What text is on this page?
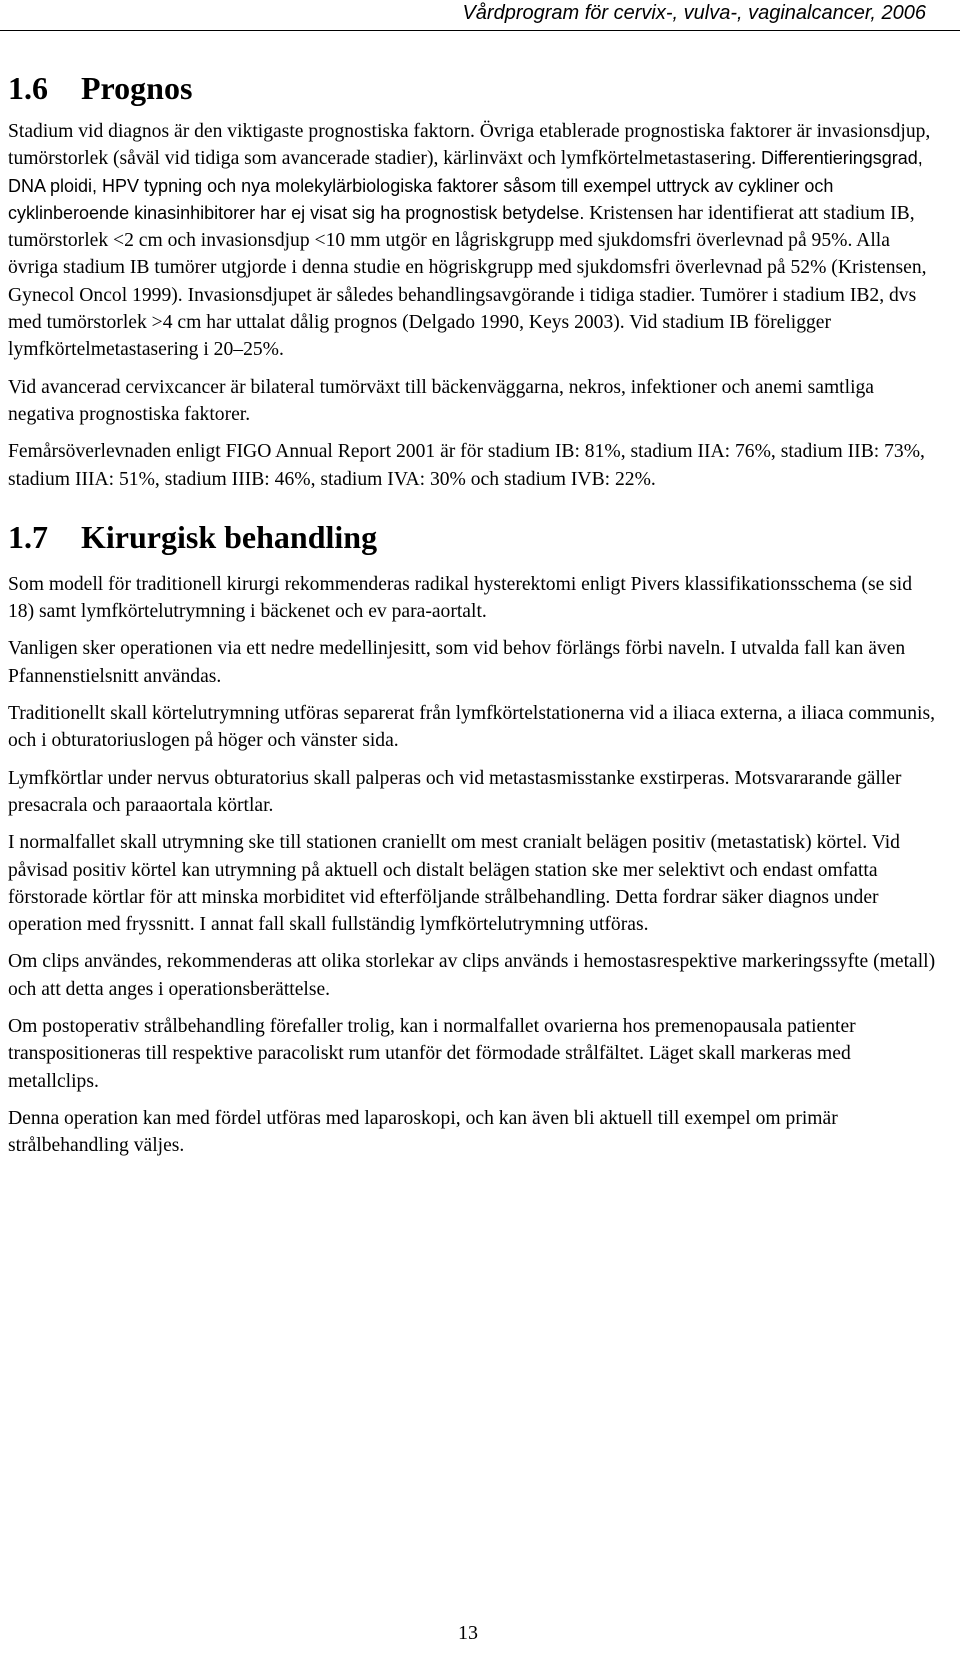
Vårdprogram för cervix-, vulva-, vaginalcancer, 2006
1.6	Prognos

Stadium vid diagnos är den viktigaste prognostiska faktorn. Övriga etablerade prognostiska faktorer är invasionsdjup, tumörstorlek (såväl vid tidiga som avancerade stadier), kärlinväxt och lymfkörtelmetastasering. Differentieringsgrad, DNA ploidi, HPV typning och nya molekylärbiologiska faktorer såsom till exempel uttryck av cykliner och cyklinberoende kinasinhibitorer har ej visat sig ha prognostisk betydelse. Kristensen har identifierat att stadium IB, tumörstorlek <2 cm och invasionsdjup <10 mm utgör en lågriskgrupp med sjukdomsfri överlevnad på 95%. Alla övriga stadium IB tumörer utgjorde i denna studie en högriskgrupp med sjukdomsfri överlevnad på 52% (Kristensen, Gynecol Oncol 1999). Invasionsdjupet är således behandlingsavgörande i tidiga stadier. Tumörer i stadium IB2, dvs med tumörstorlek >4 cm har uttalat dålig prognos (Delgado 1990, Keys 2003). Vid stadium IB föreligger lymfkörtelmetastasering i 20–25%.

Vid avancerad cervixcancer är bilateral tumörväxt till bäckenväggarna, nekros, infektioner och anemi samtliga negativa prognostiska faktorer.

Femårsöverlevnaden enligt FIGO Annual Report 2001 är för stadium IB: 81%, stadium IIA: 76%, stadium IIB: 73%, stadium IIIA: 51%, stadium IIIB: 46%, stadium IVA: 30% och stadium IVB: 22%.

1.7	Kirurgisk behandling

Som modell för traditionell kirurgi rekommenderas radikal hysterektomi enligt Pivers klassifikationsschema (se sid 18) samt lymfkörtelutrymning i bäckenet och ev para-aortalt.

Vanligen sker operationen via ett nedre medellinjesitt, som vid behov förlängs förbi naveln. I utvalda fall kan även Pfannenstielsnitt användas.

Traditionellt skall körtelutrymning utföras separerat från lymfkörtelstationerna vid a iliaca externa, a iliaca communis, och i obturatoriuslogen på höger och vänster sida.

Lymfkörtlar under nervus obturatorius skall palperas och vid metastasmisstanke exstirperas. Motsvararande gäller presacrala och paraaortala körtlar.

I normalfallet skall utrymning ske till stationen craniellt om mest cranialt belägen positiv (metastatisk) körtel. Vid påvisad positiv körtel kan utrymning på aktuell och distalt belägen station ske mer selektivt och endast omfatta förstorade körtlar för att minska morbiditet vid efterföljande strålbehandling. Detta fordrar säker diagnos under operation med fryssnitt. I annat fall skall fullständig lymfkörtelutrymning utföras.

Om clips användes, rekommenderas att olika storlekar av clips används i hemostasrespektive markeringssyfte (metall) och att detta anges i operationsberättelse.

Om postoperativ strålbehandling förefaller trolig, kan i normalfallet ovarierna hos premenopausala patienter transpositioneras till respektive paracoliskt rum utanför det förmodade strålfältet. Läget skall markeras med metallclips.

Denna operation kan med fördel utföras med laparoskopi, och kan även bli aktuell till exempel om primär strålbehandling väljes.

13
